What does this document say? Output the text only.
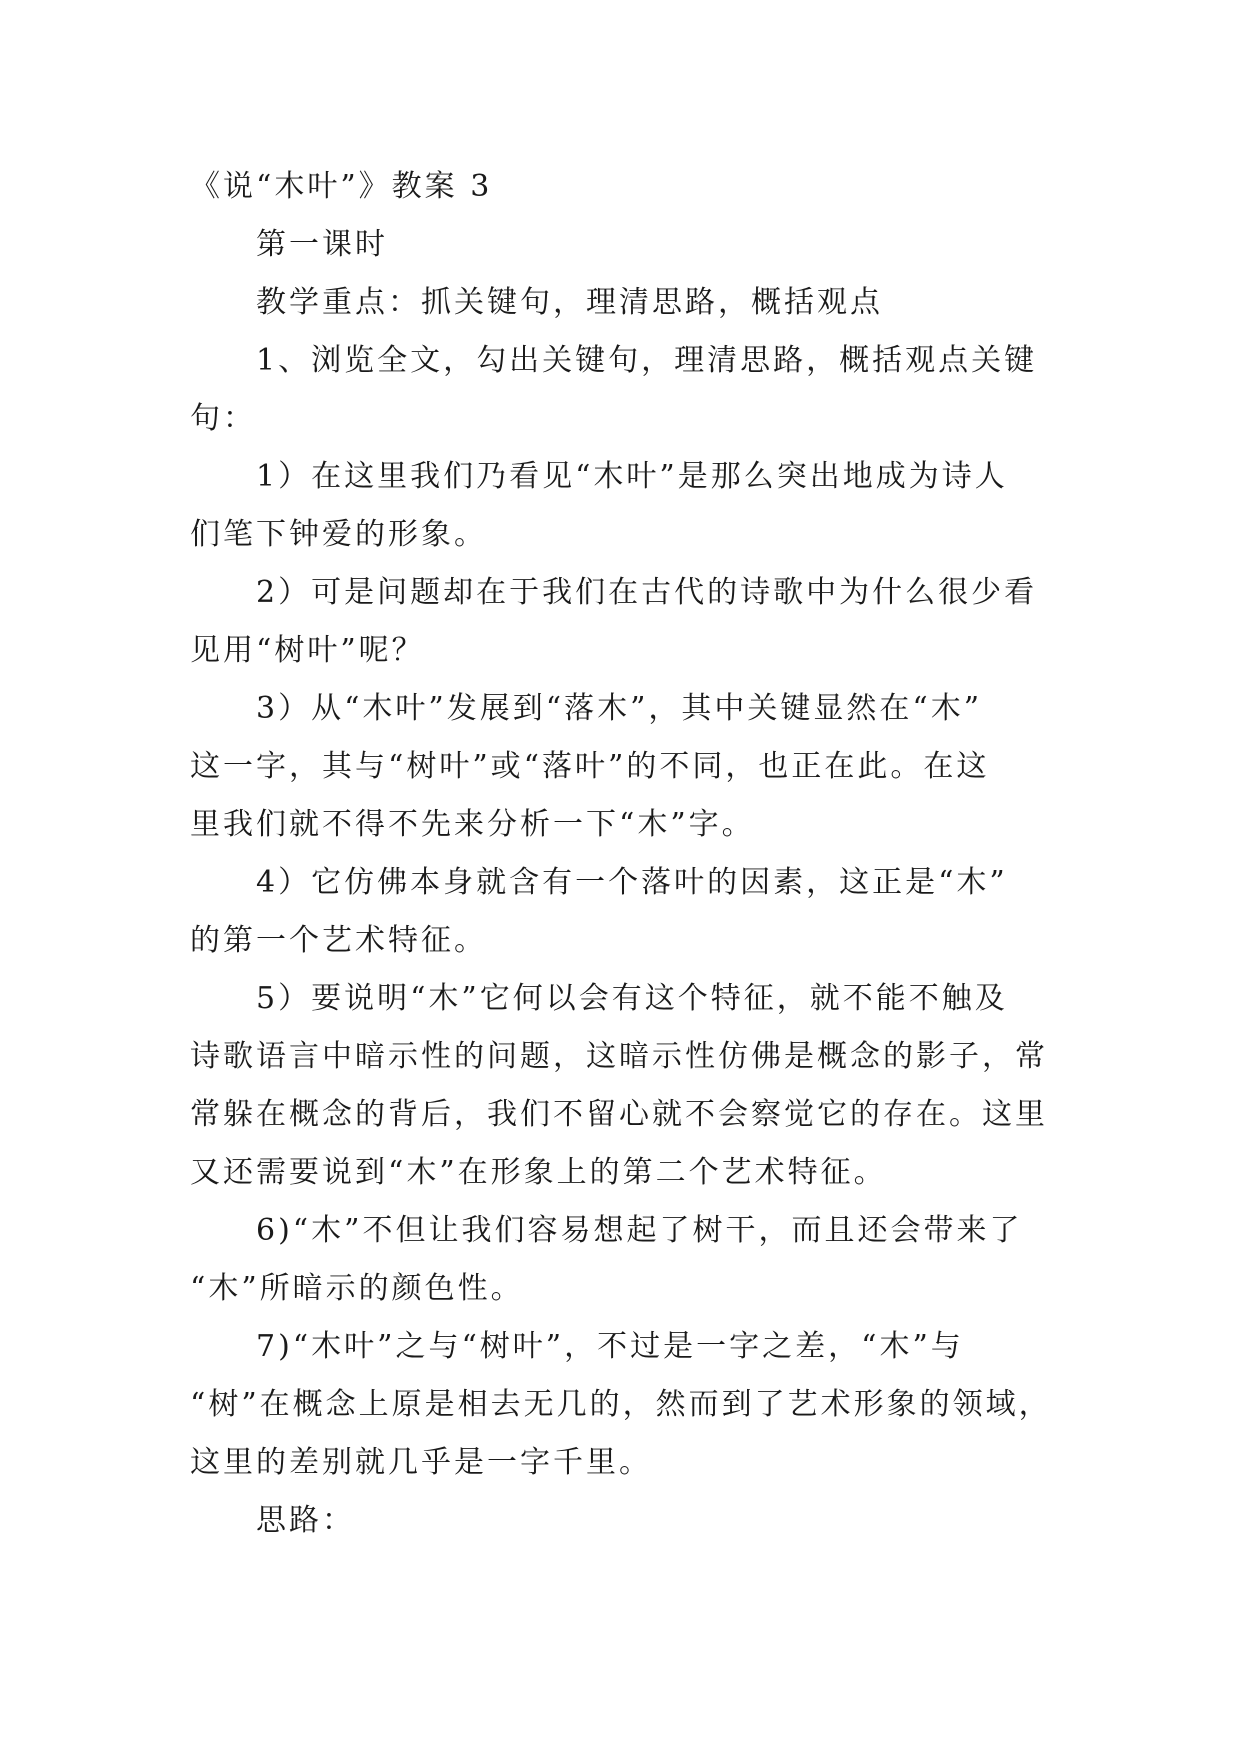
《说“木叶”》教案 3

第一课时

教学重点：抓关键句，理清思路，概括观点

1、浏览全文，勾出关键句，理清思路，概括观点关键

句：

1）在这里我们乃看见“木叶”是那么突出地成为诗人

们笔下钟爱的形象。

2）可是问题却在于我们在古代的诗歌中为什么很少看

见用“树叶”呢？

3）从“木叶”发展到“落木”，其中关键显然在“木”

这一字，其与“树叶”或“落叶”的不同，也正在此。在这

里我们就不得不先来分析一下“木”字。

4）它仿佛本身就含有一个落叶的因素，这正是“木”

的第一个艺术特征。

5）要说明“木”它何以会有这个特征，就不能不触及

诗歌语言中暗示性的问题，这暗示性仿佛是概念的影子，常

常躲在概念的背后，我们不留心就不会察觉它的存在。这里

又还需要说到“木”在形象上的第二个艺术特征。

6)“木”不但让我们容易想起了树干，而且还会带来了

“木”所暗示的颜色性。

7)“木叶”之与“树叶”，不过是一字之差，“木”与

“树”在概念上原是相去无几的，然而到了艺术形象的领域，

这里的差别就几乎是一字千里。

思路：
